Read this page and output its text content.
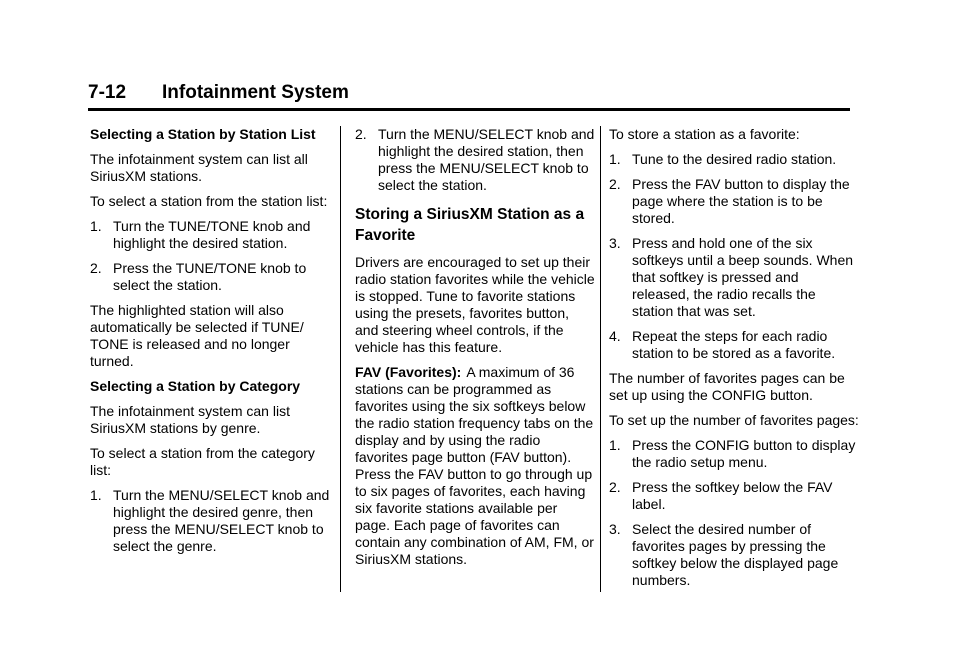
7-12 Infotainment System

Selecting a Station by Station List

The infotainment system can list all SiriusXM stations.

To select a station from the station list:

1. Turn the TUNE/TONE knob and highlight the desired station.
2. Press the TUNE/TONE knob to select the station.

The highlighted station will also automatically be selected if TUNE/ TONE is released and no longer turned.

Selecting a Station by Category

The infotainment system can list SiriusXM stations by genre.

To select a station from the category list:

1. Turn the MENU/SELECT knob and highlight the desired genre, then press the MENU/SELECT knob to select the genre.
2. Turn the MENU/SELECT knob and highlight the desired station, then press the MENU/SELECT knob to select the station.
Storing a SiriusXM Station as a Favorite

Drivers are encouraged to set up their radio station favorites while the vehicle is stopped. Tune to favorite stations using the presets, favorites button, and steering wheel controls, if the vehicle has this feature.

FAV (Favorites): A maximum of 36 stations can be programmed as favorites using the six softkeys below the radio station frequency tabs on the display and by using the radio favorites page button (FAV button). Press the FAV button to go through up to six pages of favorites, each having six favorite stations available per page. Each page of favorites can contain any combination of AM, FM, or SiriusXM stations.

To store a station as a favorite:

1. Tune to the desired radio station.
2. Press the FAV button to display the page where the station is to be stored.
3. Press and hold one of the six softkeys until a beep sounds. When that softkey is pressed and released, the radio recalls the station that was set.
4. Repeat the steps for each radio station to be stored as a favorite.

The number of favorites pages can be set up using the CONFIG button.

To set up the number of favorites pages:

1. Press the CONFIG button to display the radio setup menu.
2. Press the softkey below the FAV label.
3. Select the desired number of favorites pages by pressing the softkey below the displayed page numbers.
